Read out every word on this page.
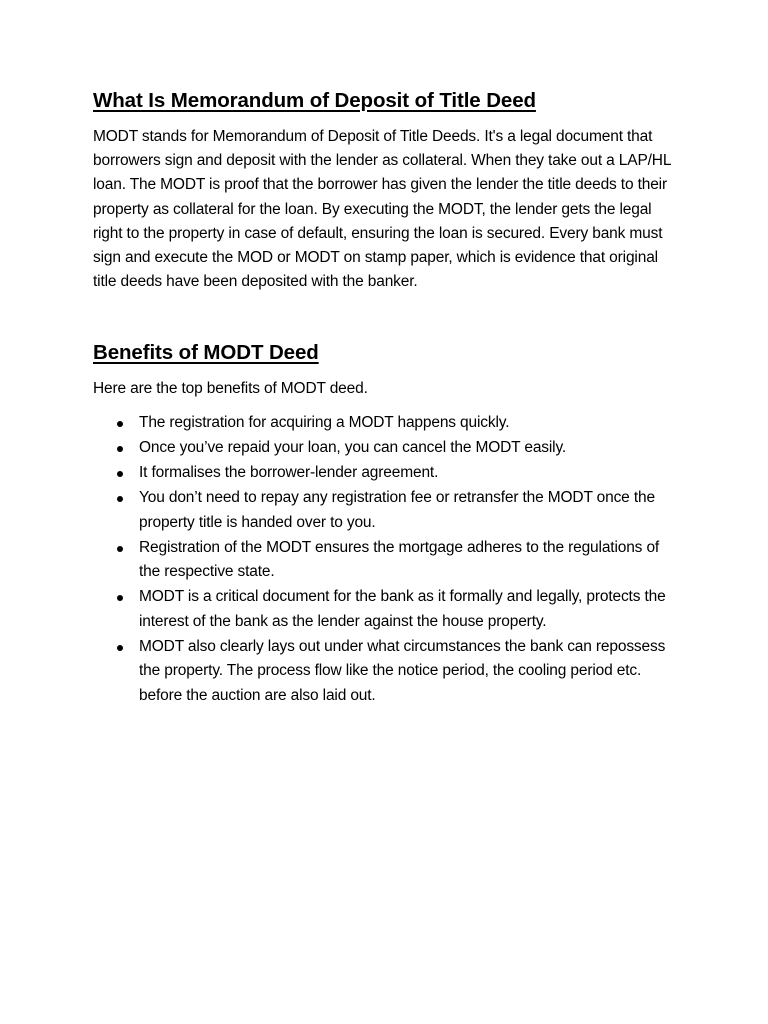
What Is Memorandum of Deposit of Title Deed

MODT stands for Memorandum of Deposit of Title Deeds. It's a legal document that borrowers sign and deposit with the lender as collateral. When they take out a LAP/HL loan. The MODT is proof that the borrower has given the lender the title deeds to their property as collateral for the loan. By executing the MODT, the lender gets the legal right to the property in case of default, ensuring the loan is secured. Every bank must sign and execute the MOD or MODT on stamp paper, which is evidence that original title deeds have been deposited with the banker.

Benefits of MODT Deed

Here are the top benefits of MODT deed.

The registration for acquiring a MODT happens quickly.
Once you’ve repaid your loan, you can cancel the MODT easily.
It formalises the borrower-lender agreement.
You don’t need to repay any registration fee or retransfer the MODT once the property title is handed over to you.
Registration of the MODT ensures the mortgage adheres to the regulations of the respective state.
MODT is a critical document for the bank as it formally and legally, protects the interest of the bank as the lender against the house property.
MODT also clearly lays out under what circumstances the bank can repossess the property. The process flow like the notice period, the cooling period etc. before the auction are also laid out.
